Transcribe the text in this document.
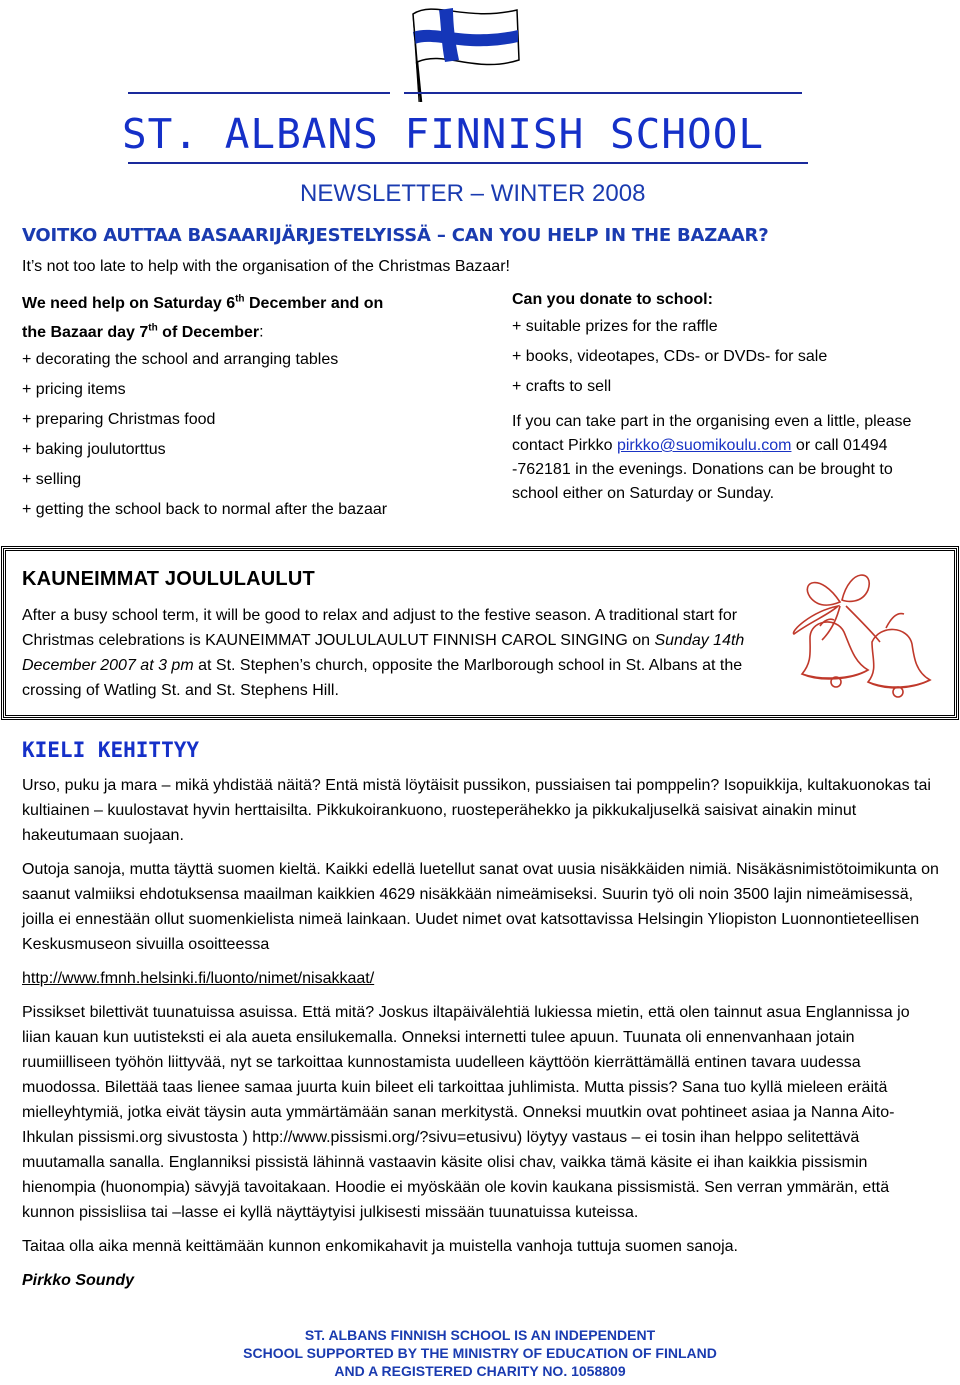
ST. ALBANS FINNISH SCHOOL
NEWSLETTER – WINTER 2008
VOITKO AUTTAA BASAARIJÄRJESTELYISSÄ – CAN YOU HELP IN THE BAZAAR?
It’s not too late to help with the organisation of the Christmas Bazaar!
We need help on Saturday 6th December and on
the Bazaar day 7th of December:
+ decorating the school and arranging tables
+ pricing items
+ preparing Christmas food
+ baking joulutorttus
+ selling
+ getting the school back to normal after the bazaar
Can you donate to school:
+ suitable prizes for the raffle
+ books, videotapes, CDs- or DVDs- for sale
+ crafts to sell
If you can take part in the organising even a little, please contact Pirkko pirkko@suomikoulu.com or call 01494 -762181 in the evenings. Donations can be brought to school either on Saturday or Sunday.
KAUNEIMMAT JOULULAULUT
After a busy school term, it will be good to relax and adjust to the festive season. A traditional start for Christmas celebrations is KAUNEIMMAT JOULULAULUT FINNISH CAROL SINGING on Sunday 14th December 2007 at 3 pm at St. Stephen’s church, opposite the Marlborough school in St. Albans at the crossing of Watling St. and St. Stephens Hill.
KIELI KEHITTYY

Urso, puku ja mara – mikä yhdistää näitä? Entä mistä löytäisit pussikon, pussiaisen tai pomppelin? Isopuikkija, kultakuonokas tai kultiainen – kuulostavat hyvin herttaisilta. Pikkukoirankuono, ruosteperähekko ja pikkukaljuselkä saisivat ainakin minut hakeutumaan suojaan.

Outoja sanoja, mutta täyttä suomen kieltä. Kaikki edellä luetellut sanat ovat uusia nisäkkäiden nimiä. Nisäkäsnimistötoimikunta on saanut valmiiksi ehdotuksensa maailman kaikkien 4629 nisäkkään nimeämiseksi. Suurin työ oli noin 3500 lajin nimeämisessä, joilla ei ennestään ollut suomenkielista nimeä lainkaan. Uudet nimet ovat katsottavissa Helsingin Yliopiston Luonnontieteellisen Keskusmuseon sivuilla osoitteessa

http://www.fmnh.helsinki.fi/luonto/nimet/nisakkaat/

Pissikset bilettivät tuunatuissa asuissa. Että mitä? Joskus iltapäivälehtiä lukiessa mietin, että olen tainnut asua Englannissa jo liian kauan kun uutisteksti ei ala aueta ensilukemalla. Onneksi internetti tulee apuun. Tuunata oli ennenvanhaan jotain ruumiilliseen työhön liittyvää, nyt se tarkoittaa kunnostamista uudelleen käyttöön kierrättämällä entinen tavara uudessa muodossa. Bilettää taas lienee samaa juurta kuin bileet eli tarkoittaa juhlimista. Mutta pissis? Sana tuo kyllä mieleen eräitä mielleyhtymiä, jotka eivät täysin auta ymmärtämään sanan merkitystä. Onneksi muutkin ovat pohtineet asiaa ja Nanna Aito-Ihkulan pissismi.org sivustosta ) http://www.pissismi.org/?sivu=etusivu) löytyy vastaus – ei tosin ihan helppo selitettävä muutamalla sanalla. Englanniksi pissistä lähinnä vastaavin käsite olisi chav, vaikka tämä käsite ei ihan kaikkia pissismin hienompia (huonompia) sävyjä tavoitakaan. Hoodie ei myöskään ole kovin kaukana pissismistä. Sen verran ymmärän, että kunnon pissisliisa tai –lasse ei kyllä näyttäytyisi julkisesti missään tuunatuissa kuteissa.

Taitaa olla aika mennä keittämään kunnon enkomikahavit ja muistella vanhoja tuttuja suomen sanoja.

Pirkko Soundy

ST. ALBANS FINNISH SCHOOL IS AN INDEPENDENT
SCHOOL SUPPORTED BY THE MINISTRY OF EDUCATION OF FINLAND
AND A REGISTERED CHARITY NO. 1058809
